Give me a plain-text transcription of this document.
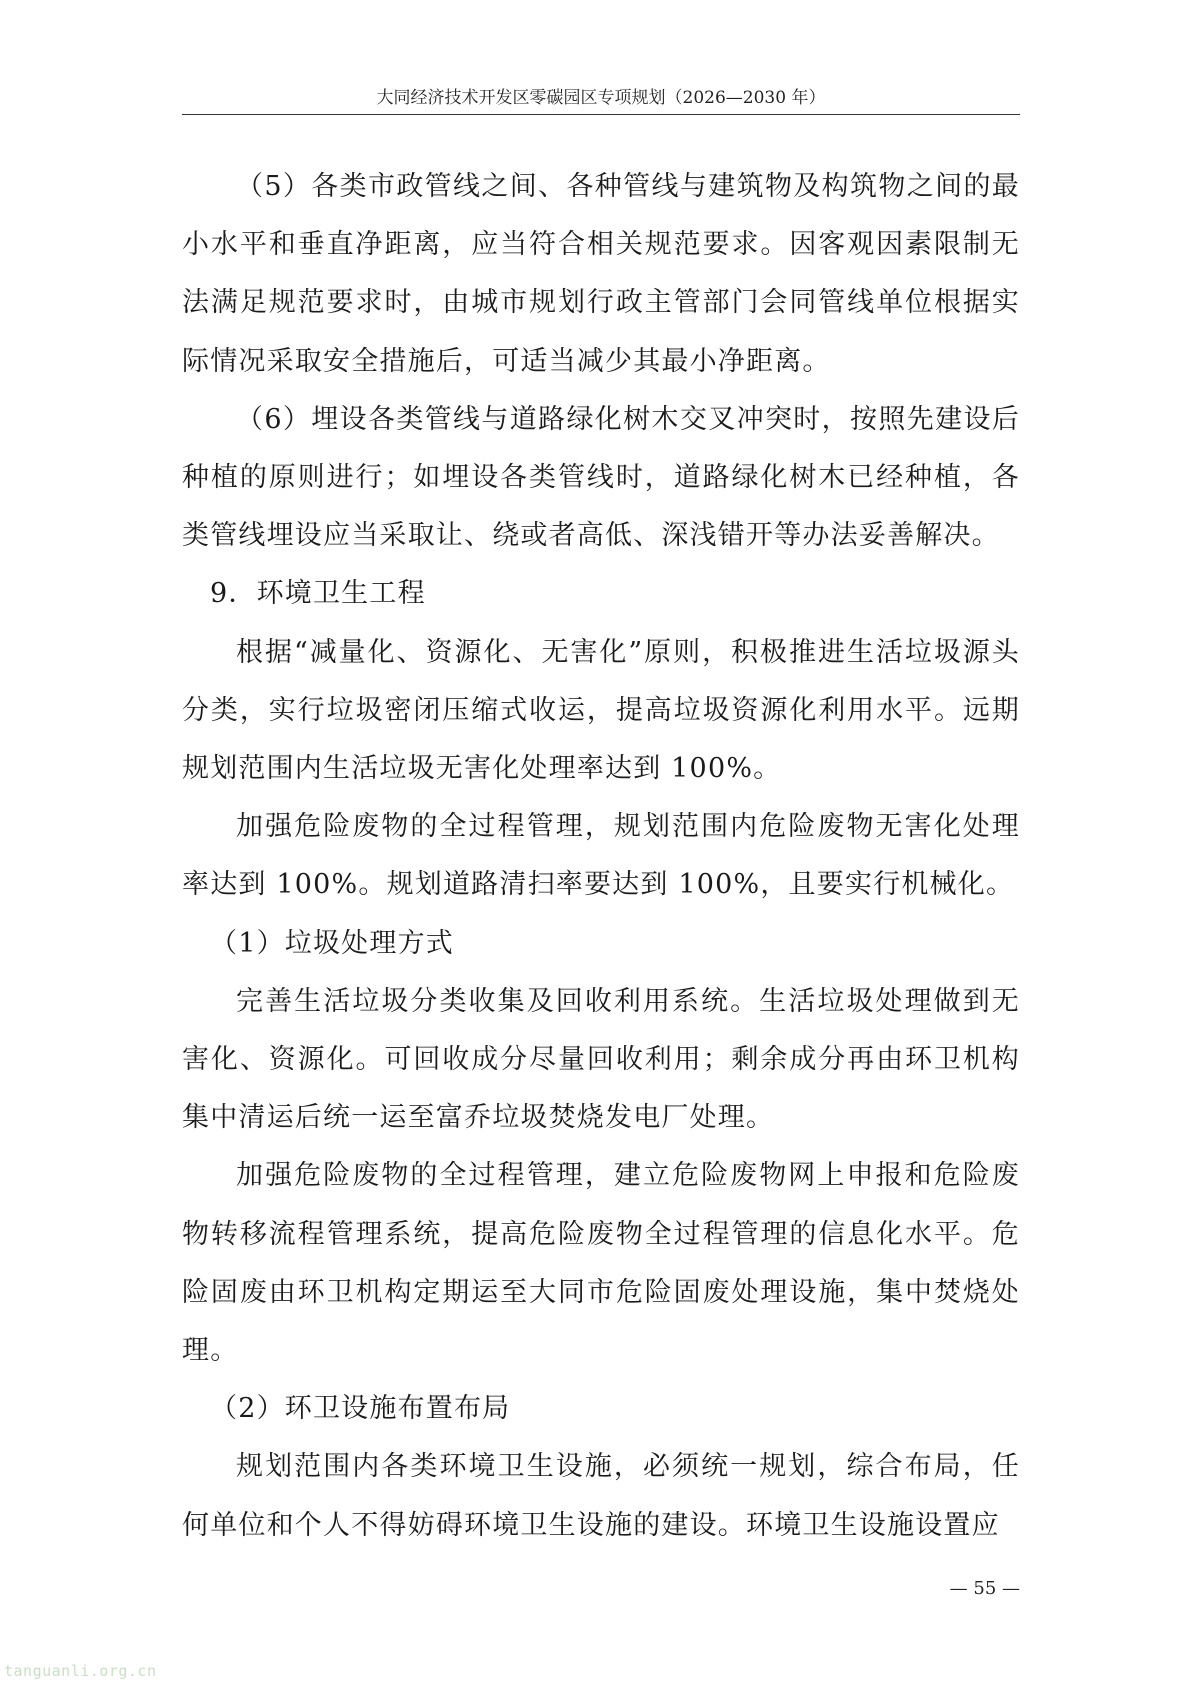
大同经济技术开发区零碳园区专项规划（2026—2030 年）

（5）各类市政管线之间、各种管线与建筑物及构筑物之间的最小水平和垂直净距离，应当符合相关规范要求。因客观因素限制无法满足规范要求时，由城市规划行政主管部门会同管线单位根据实际情况采取安全措施后，可适当减少其最小净距离。

（6）埋设各类管线与道路绿化树木交叉冲突时，按照先建设后种植的原则进行；如埋设各类管线时，道路绿化树木已经种植，各类管线埋设应当采取让、绕或者高低、深浅错开等办法妥善解决。

9．环境卫生工程

根据“减量化、资源化、无害化”原则，积极推进生活垃圾源头分类，实行垃圾密闭压缩式收运，提高垃圾资源化利用水平。远期规划范围内生活垃圾无害化处理率达到 100%。

加强危险废物的全过程管理，规划范围内危险废物无害化处理率达到 100%。规划道路清扫率要达到 100%，且要实行机械化。

（1）垃圾处理方式

完善生活垃圾分类收集及回收利用系统。生活垃圾处理做到无害化、资源化。可回收成分尽量回收利用；剩余成分再由环卫机构集中清运后统一运至富乔垃圾焚烧发电厂处理。

加强危险废物的全过程管理，建立危险废物网上申报和危险废物转移流程管理系统，提高危险废物全过程管理的信息化水平。危险固废由环卫机构定期运至大同市危险固废处理设施，集中焚烧处理。

（2）环卫设施布置布局

规划范围内各类环境卫生设施，必须统一规划，综合布局，任何单位和个人不得妨碍环境卫生设施的建设。环境卫生设施设置应

— 55 —
tanguanli.org.cn
